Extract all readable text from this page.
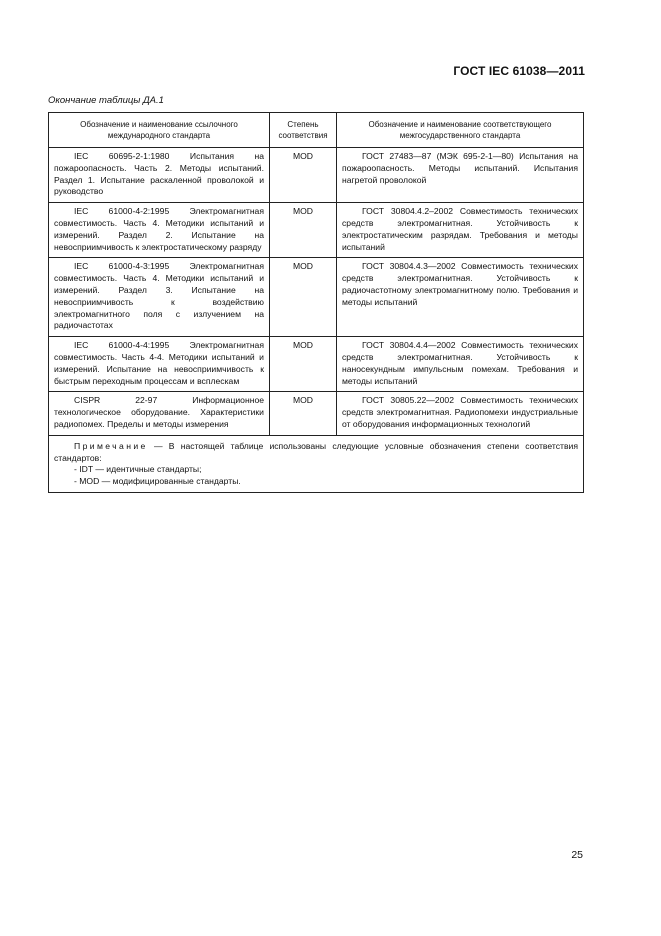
ГОСТ IEC 61038—2011
Окончание таблицы ДА.1
Обозначение и наименование ссылочного международного стандарта	Степень соответствия	Обозначение и наименование соответствующего межгосударственного стандарта
IEC 60695-2-1:1980 Испытания на пожароопасность. Часть 2. Методы испытаний. Раздел 1. Испытание раскаленной проволокой и руководство	MOD	ГОСТ 27483—87 (МЭК 695-2-1—80) Испытания на пожароопасность. Методы испытаний. Испытания нагретой проволокой
IEC 61000-4-2:1995 Электромагнитная совместимость. Часть 4. Методики испытаний и измерений. Раздел 2. Испытание на невосприимчивость к электростатическому разряду	MOD	ГОСТ 30804.4.2–2002 Совместимость технических средств электромагнитная. Устойчивость к электростатическим разрядам. Требования и методы испытаний
IEC 61000-4-3:1995 Электромагнитная совместимость. Часть 4. Методики испытаний и измерений. Раздел 3. Испытание на невосприимчивость к воздействию электромагнитного поля с излучением на радиочастотах	MOD	ГОСТ 30804.4.3—2002 Совместимость технических средств электромагнитная. Устойчивость к радиочастотному электромагнитному полю. Требования и методы испытаний
IEC 61000-4-4:1995 Электромагнитная совместимость. Часть 4-4. Методики испытаний и измерений. Испытание на невосприимчивость к быстрым переходным процессам и всплескам	MOD	ГОСТ 30804.4.4—2002 Совместимость технических средств электромагнитная. Устойчивость к наносекундным импульсным помехам. Требования и методы испытаний
CISPR 22-97 Информационное технологическое оборудование. Характеристики радиопомех. Пределы и методы измерения	MOD	ГОСТ 30805.22—2002 Совместимость технических средств электромагнитная. Радиопомехи индустриальные от оборудования информационных технологий

Примечание — В настоящей таблице использованы следующие условные обозначения степени соответствия стандартов:
- IDT — идентичные стандарты;
- MOD — модифицированные стандарты.		
25
